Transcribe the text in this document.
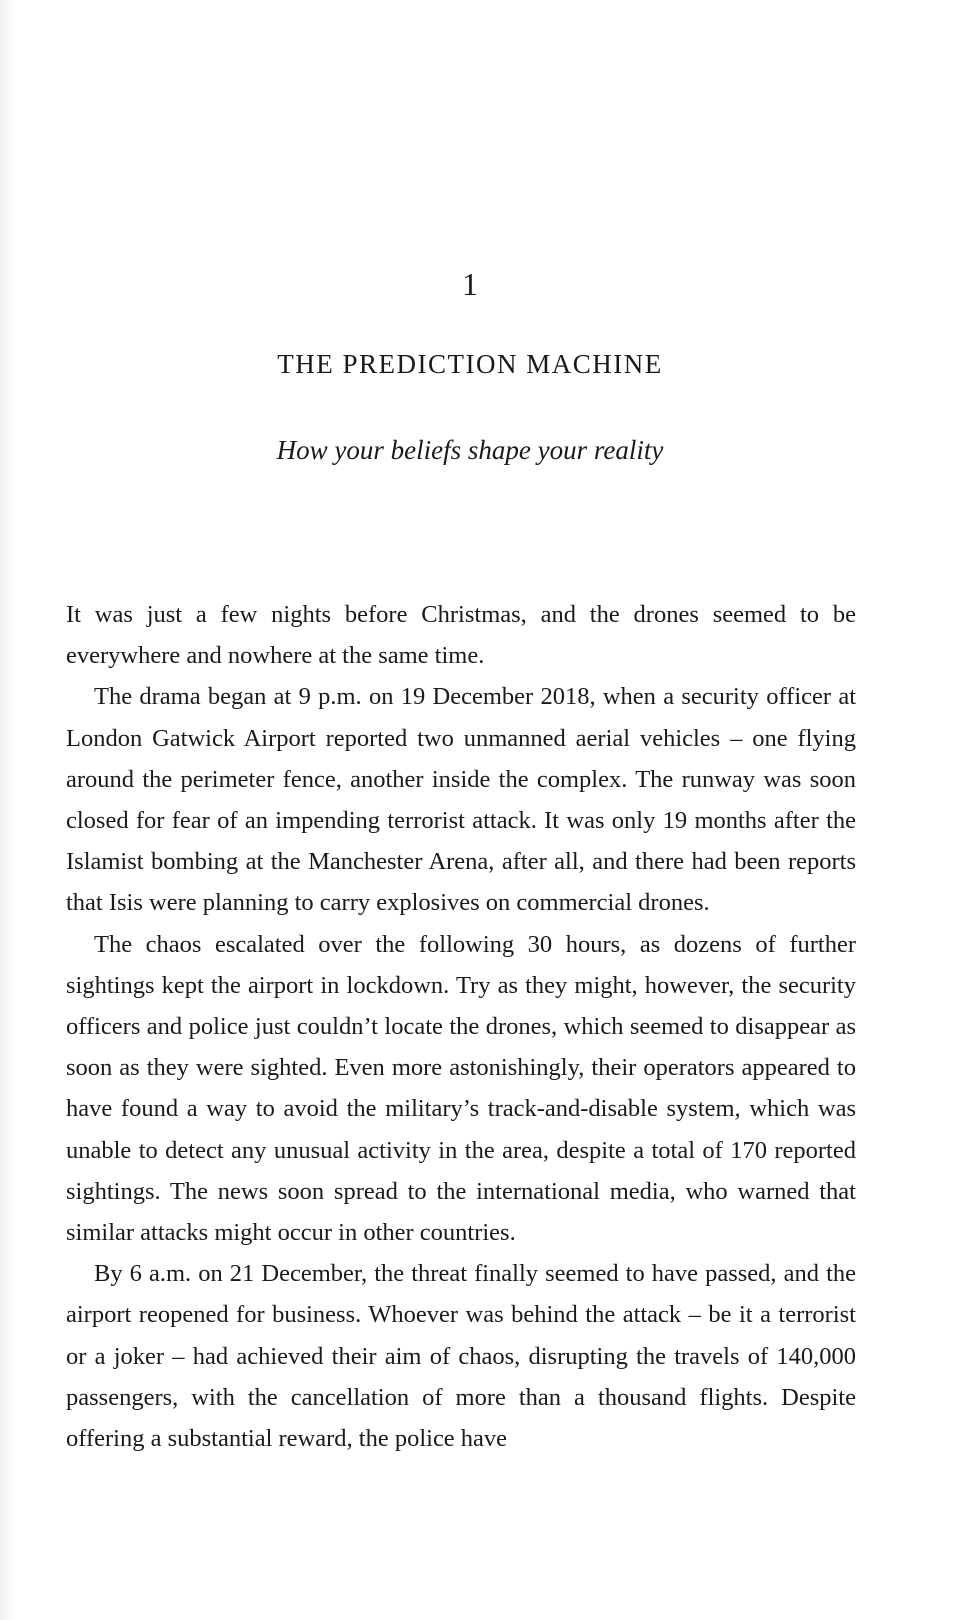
1
THE PREDICTION MACHINE
How your beliefs shape your reality

It was just a few nights before Christmas, and the drones seemed to be everywhere and nowhere at the same time.

The drama began at 9 p.m. on 19 December 2018, when a security officer at London Gatwick Airport reported two unmanned aerial vehicles – one flying around the perimeter fence, another inside the complex. The runway was soon closed for fear of an impending terrorist attack. It was only 19 months after the Islamist bombing at the Manchester Arena, after all, and there had been reports that Isis were planning to carry explosives on commercial drones.

The chaos escalated over the following 30 hours, as dozens of further sightings kept the airport in lockdown. Try as they might, however, the security officers and police just couldn’t locate the drones, which seemed to disappear as soon as they were sighted. Even more astonishingly, their operators appeared to have found a way to avoid the military’s track-and-disable system, which was unable to detect any unusual activity in the area, despite a total of 170 reported sightings. The news soon spread to the international media, who warned that similar attacks might occur in other countries.

By 6 a.m. on 21 December, the threat finally seemed to have passed, and the airport reopened for business. Whoever was behind the attack – be it a terrorist or a joker – had achieved their aim of chaos, disrupting the travels of 140,000 passengers, with the cancellation of more than a thousand flights. Despite offering a substantial reward, the police have
